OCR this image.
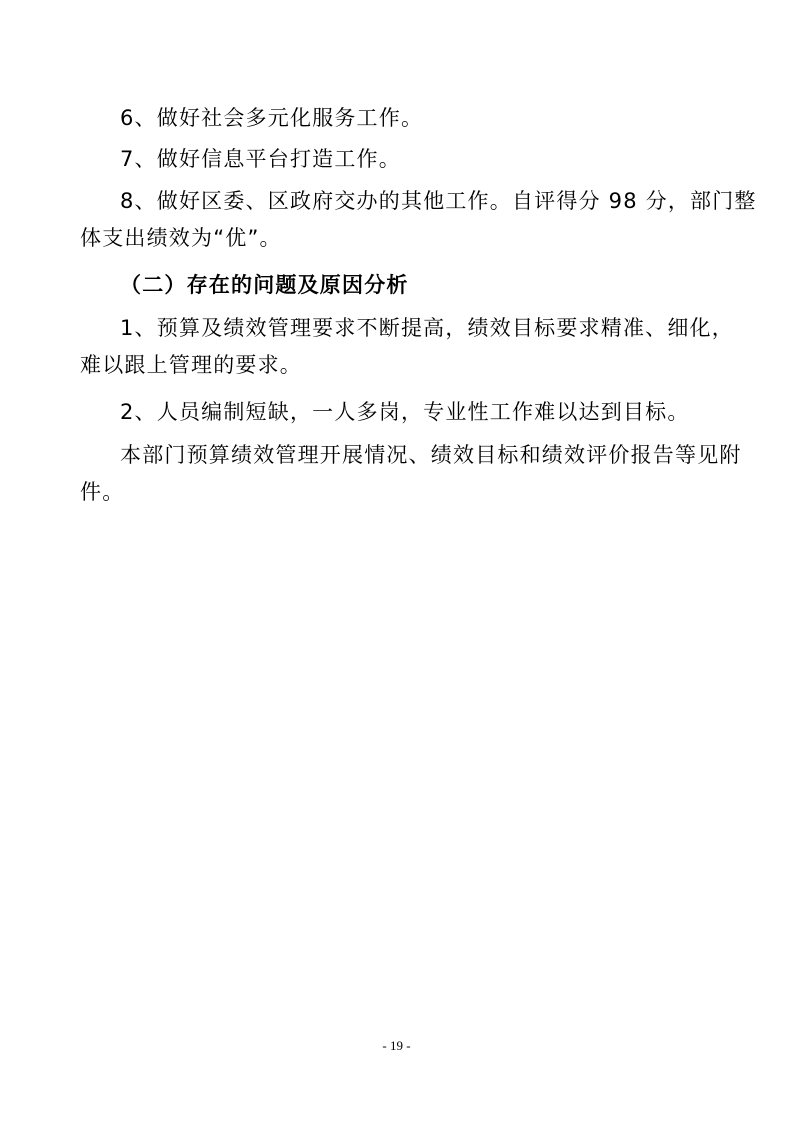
6、做好社会多元化服务工作。
7、做好信息平台打造工作。
8、做好区委、区政府交办的其他工作。自评得分 98 分，部门整
体支出绩效为“优”。
（二）存在的问题及原因分析
1、预算及绩效管理要求不断提高，绩效目标要求精准、细化，
难以跟上管理的要求。
2、人员编制短缺，一人多岗，专业性工作难以达到目标。
本部门预算绩效管理开展情况、绩效目标和绩效评价报告等见附
件。
- 19 -
